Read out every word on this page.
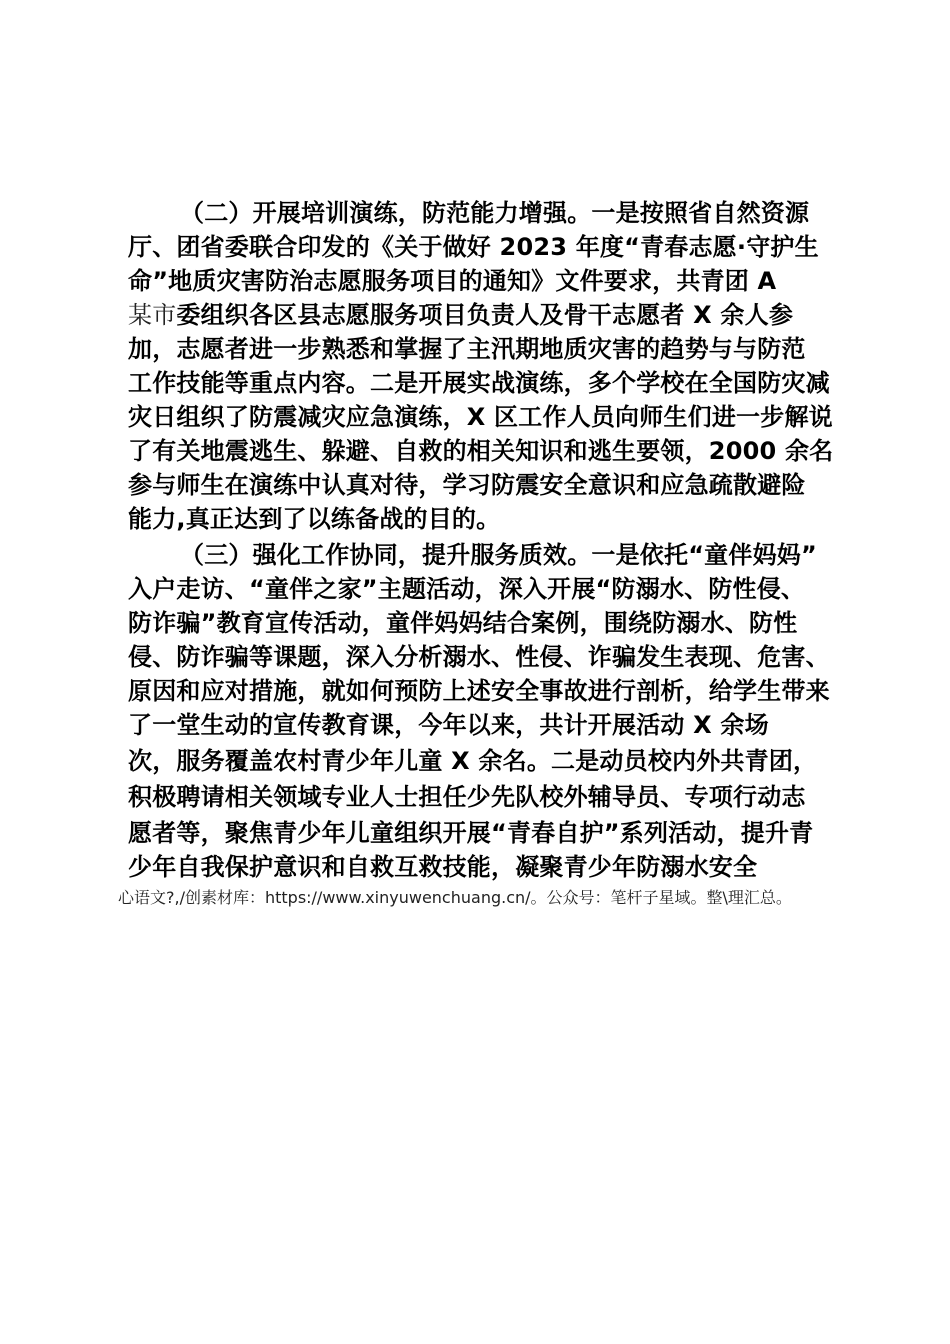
（二）开展培训演练，防范能力增强。一是按照省自然资源
厅、团省委联合印发的《关于做好 2023 年度“青春志愿·守护生
命”地质灾害防治志愿服务项目的通知》文件要求，共青团 A
某市委组织各区县志愿服务项目负责人及骨干志愿者 X 余人参
加，志愿者进一步熟悉和掌握了主汛期地质灾害的趋势与与防范
工作技能等重点内容。二是开展实战演练，多个学校在全国防灾减
灾日组织了防震减灾应急演练，X 区工作人员向师生们进一步解说
了有关地震逃生、躲避、自救的相关知识和逃生要领，2000 余名
参与师生在演练中认真对待，学习防震安全意识和应急疏散避险
能力,真正达到了以练备战的目的。
（三）强化工作协同，提升服务质效。一是依托“童伴妈妈”
入户走访、“童伴之家”主题活动，深入开展“防溺水、防性侵、
防诈骗”教育宣传活动，童伴妈妈结合案例，围绕防溺水、防性
侵、防诈骗等课题，深入分析溺水、性侵、诈骗发生表现、危害、
原因和应对措施，就如何预防上述安全事故进行剖析，给学生带来
了一堂生动的宣传教育课，今年以来，共计开展活动 X 余场
次，服务覆盖农村青少年儿童 X 余名。二是动员校内外共青团，
积极聘请相关领域专业人士担任少先队校外辅导员、专项行动志
愿者等，聚焦青少年儿童组织开展“青春自护”系列活动，提升青
少年自我保护意识和自救互救技能，凝聚青少年防溺水安全
心语文?,/创素材库：https://www.xinyuwenchuang.cn/。公众号：笔杆子星域。整\理汇总。
